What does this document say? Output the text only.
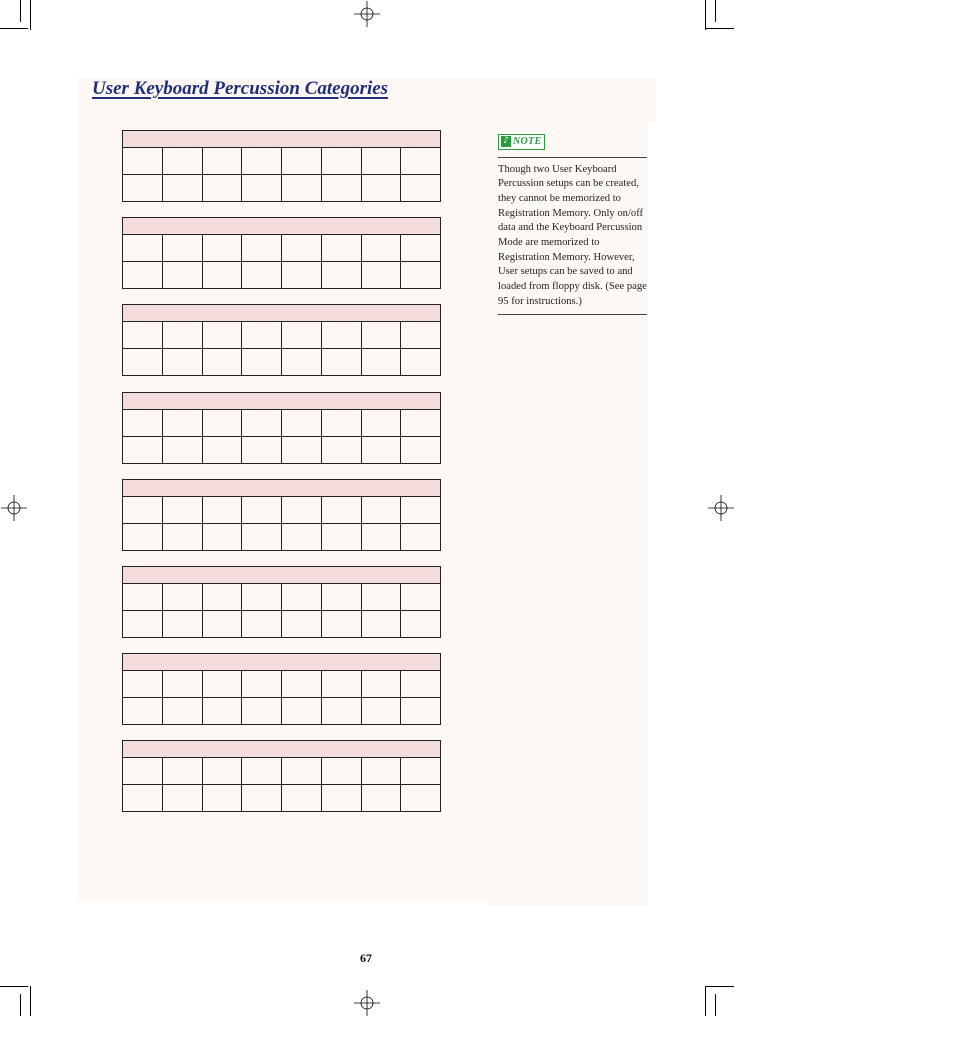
User Keyboard Percussion Categories
♪ NOTE

Though two User Keyboard Percussion setups can be created, they cannot be memorized to Registration Memory. Only on/off data and the Keyboard Percussion Mode are memorized to Registration Memory. However, User setups can be saved to and loaded from floppy disk. (See page 95 for instructions.)

67
